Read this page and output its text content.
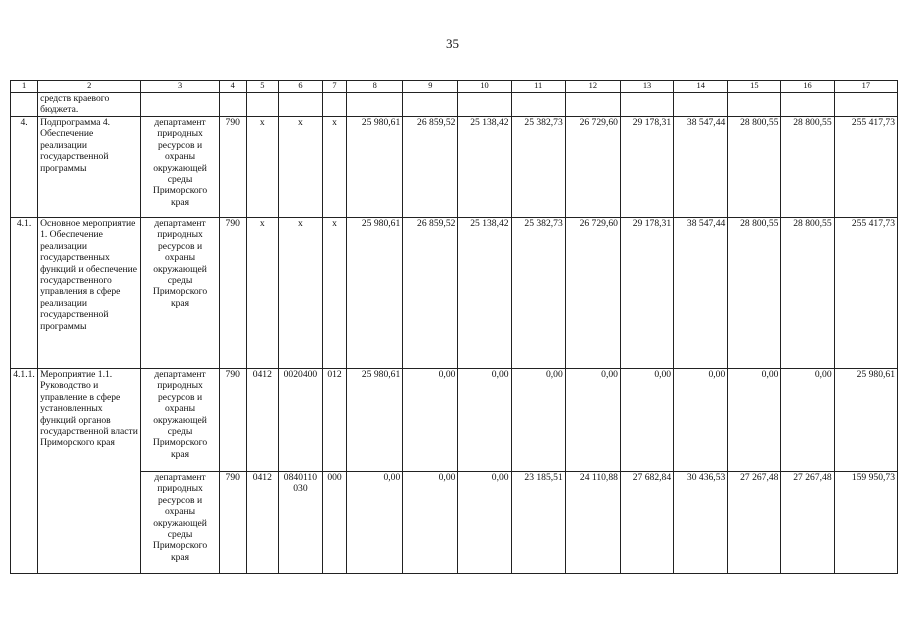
35
1	2	3	4	5	6	7	8	9	10	11	12	13	14	15	16	17
	средств краевого бюджета.															
4.	Подпрограмма 4. Обеспечение реализации государственной программы	департамент природных ресурсов и охраны окружающей среды Приморского края	790	x	x	x	25 980,61	26 859,52	25 138,42	25 382,73	26 729,60	29 178,31	38 547,44	28 800,55	28 800,55	255 417,73
4.1.	Основное мероприятие 1. Обеспечение реализации государственных функций и обеспечение государственного управления в сфере реализации государственной программы	департамент природных ресурсов и охраны окружающей среды Приморского края	790	x	x	x	25 980,61	26 859,52	25 138,42	25 382,73	26 729,60	29 178,31	38 547,44	28 800,55	28 800,55	255 417,73
4.1.1.	Мероприятие 1.1. Руководство и управление в сфере установленных функций органов государственной власти Приморского края	департамент природных ресурсов и охраны окружающей среды Приморского края	790	0412	0020400	012	25 980,61	0,00	0,00	0,00	0,00	0,00	0,00	0,00	0,00	25 980,61
		департамент природных ресурсов и охраны окружающей среды Приморского края	790	0412	0840110 030	000	0,00	0,00	0,00	23 185,51	24 110,88	27 682,84	30 436,53	27 267,48	27 267,48	159 950,73
